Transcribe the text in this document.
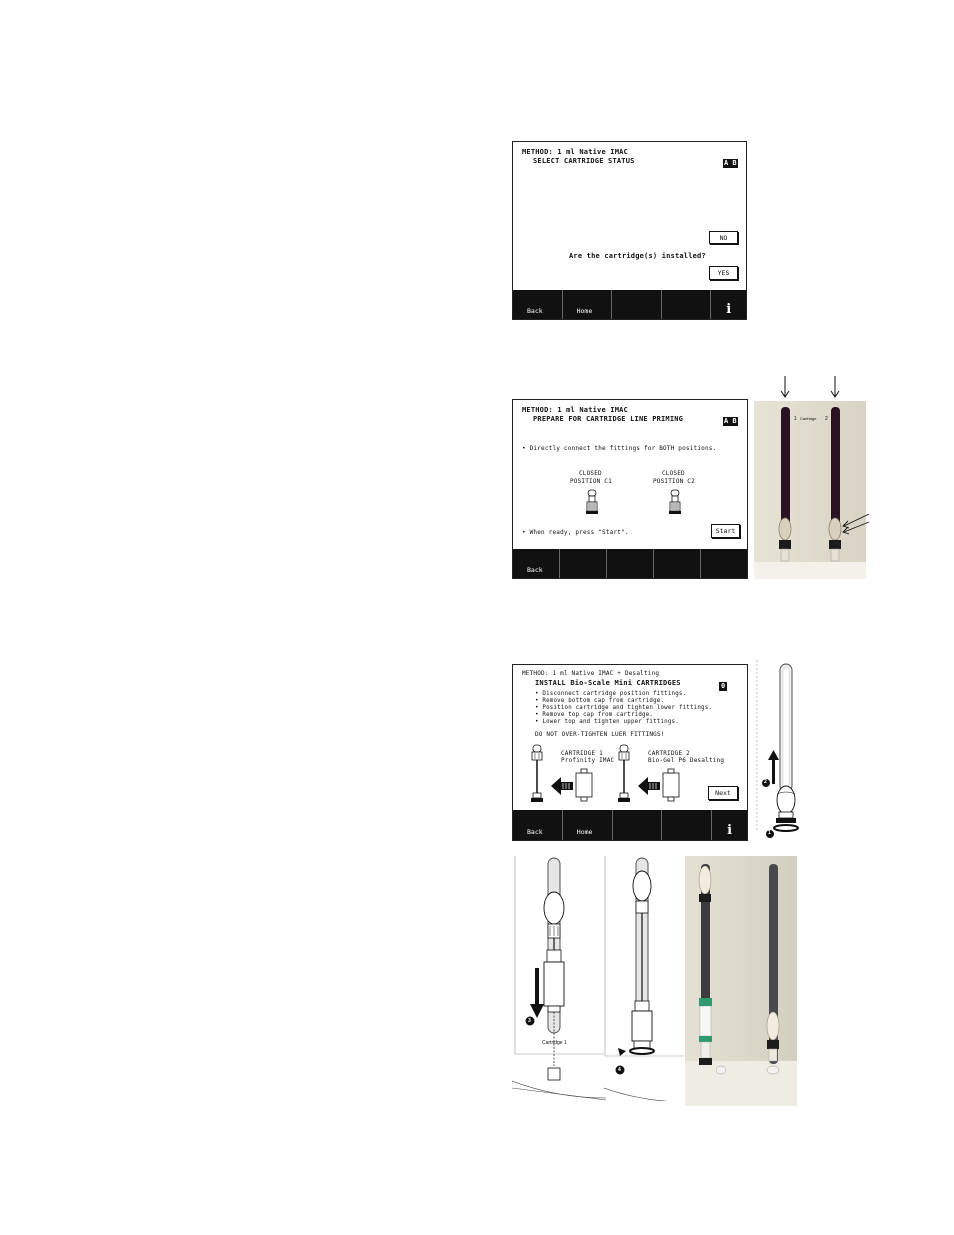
METHOD: 1 ml Native IMAC
SELECT CARTRIDGE STATUS	A B
NO
Are the cartridge(s) installed?
YES
Back	Home	i
METHOD: 1 ml Native IMAC
PREPARE FOR CARTRIDGE LINE PRIMING	A B
• Directly connect the fittings for BOTH positions.
CLOSED
POSITION C1
CLOSED
POSITION C2
• When ready, press "Start".	Start
Back
1 Cartridge 2
METHOD: 1 ml Native IMAC + Desalting
INSTALL Bio-Scale Mini CARTRIDGES	0
• Disconnect cartridge position fittings.
• Remove bottom cap from cartridge.
• Position cartridge and tighten lower fittings.
• Remove top cap from cartridge.
• Lower top and tighten upper fittings.
DO NOT OVER-TIGHTEN LUER FITTINGS!
CARTRIDGE 1
Profinity IMAC
CARTRIDGE 2
Bio-Gel P6 Desalting
Next
Back	Home	i
2
1
3
Cartridge 1
4
